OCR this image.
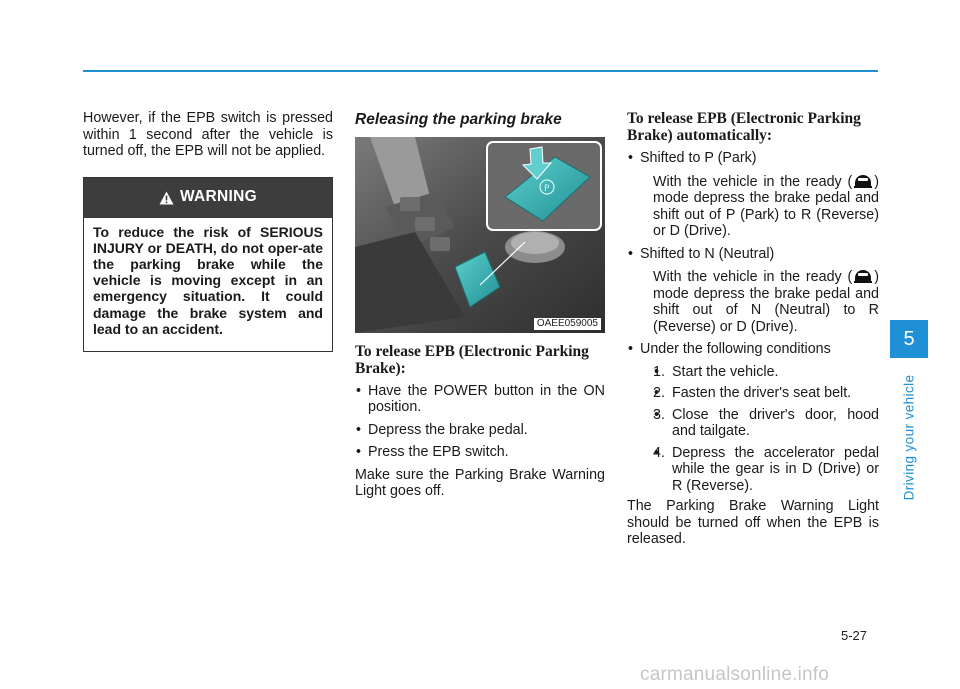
However, if the EPB switch is pressed within 1 second after the vehicle is turned off, the EPB will not be applied.

WARNING
To reduce the risk of SERIOUS INJURY or DEATH, do not oper-ate the parking brake while the vehicle is moving except in an emergency situation. It could damage the brake system and lead to an accident.
Releasing the parking brake
P
OAEE059005
To release EPB (Electronic Parking Brake):
• Have the POWER button in the ON position.
• Depress the brake pedal.
• Press the EPB switch.

Make sure the Parking Brake Warning Light goes off.

To release EPB (Electronic Parking Brake) automatically:
• Shifted to P (Park)
With the vehicle in the ready ( ) mode depress the brake pedal and shift out of P (Park) to R (Reverse) or D (Drive).
• Shifted to N (Neutral)
With the vehicle in the ready ( ) mode depress the brake pedal and shift out of N (Neutral) to R (Reverse) or D (Drive).
• Under the following conditions
• 1. Start the vehicle.
• 2. Fasten the driver's seat belt.
• 3. Close the driver's door, hood and tailgate.
• 4. Depress the accelerator pedal while the gear is in D (Drive) or R (Reverse).

The Parking Brake Warning Light should be turned off when the EPB is released.

5
Driving your vehicle
5-27
carmanualsonline.info
